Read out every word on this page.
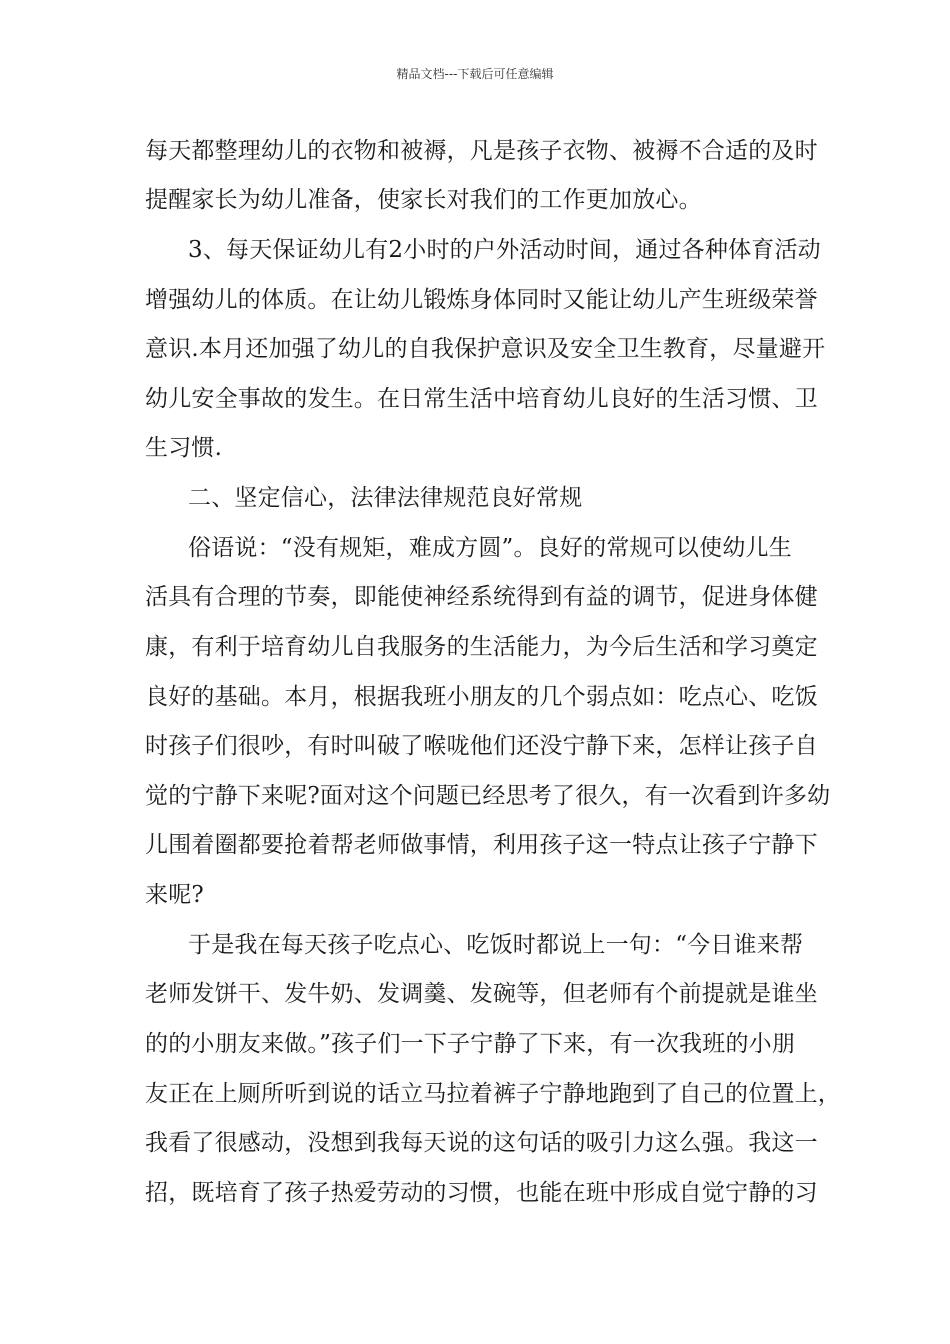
精品文档---下载后可任意编辑
每天都整理幼儿的衣物和被褥，凡是孩子衣物、被褥不合适的及时
提醒家长为幼儿准备，使家长对我们的工作更加放心。
3、每天保证幼儿有2小时的户外活动时间，通过各种体育活动
增强幼儿的体质。在让幼儿锻炼身体同时又能让幼儿产生班级荣誉
意识.本月还加强了幼儿的自我保护意识及安全卫生教育，尽量避开
幼儿安全事故的发生。在日常生活中培育幼儿良好的生活习惯、卫
生习惯.
二、坚定信心，法律法律规范良好常规
俗语说：“没有规矩，难成方圆”。良好的常规可以使幼儿生
活具有合理的节奏，即能使神经系统得到有益的调节，促进身体健
康，有利于培育幼儿自我服务的生活能力，为今后生活和学习奠定
良好的基础。本月，根据我班小朋友的几个弱点如：吃点心、吃饭
时孩子们很吵，有时叫破了喉咙他们还没宁静下来，怎样让孩子自
觉的宁静下来呢?面对这个问题已经思考了很久，有一次看到许多幼
儿围着圈都要抢着帮老师做事情，利用孩子这一特点让孩子宁静下
来呢?
于是我在每天孩子吃点心、吃饭时都说上一句：“今日谁来帮
老师发饼干、发牛奶、发调羹、发碗等，但老师有个前提就是谁坐
的的小朋友来做。”孩子们一下子宁静了下来，有一次我班的小朋
友正在上厕所听到说的话立马拉着裤子宁静地跑到了自己的位置上，
我看了很感动，没想到我每天说的这句话的吸引力这么强。我这一
招，既培育了孩子热爱劳动的习惯，也能在班中形成自觉宁静的习
